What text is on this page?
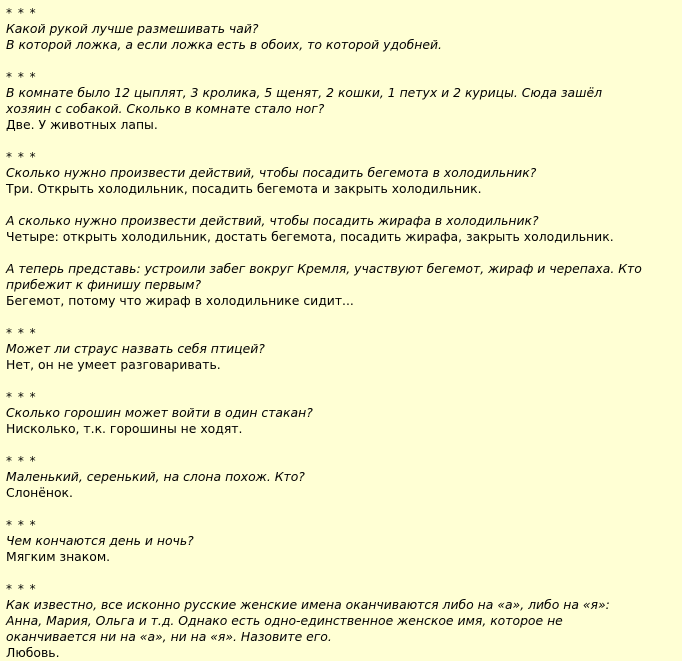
* * *
Какой рукой лучше размешивать чай?
В которой ложка, а если ложка есть в обоих, то которой удобней.
* * *
В комнате было 12 цыплят, 3 кролика, 5 щенят, 2 кошки, 1 петух и 2 курицы. Сюда зашёл
хозяин с собакой. Сколько в комнате стало ног?
Две. У животных лапы.
* * *
Сколько нужно произвести действий, чтобы посадить бегемота в холодильник?
Три. Открыть холодильник, посадить бегемота и закрыть холодильник.
А сколько нужно произвести действий, чтобы посадить жирафа в холодильник?
Четыре: открыть холодильник, достать бегемота, посадить жирафа, закрыть холодильник.
А теперь представь: устроили забег вокруг Кремля, участвуют бегемот, жираф и черепаха. Кто
прибежит к финишу первым?
Бегемот, потому что жираф в холодильнике сидит...
* * *
Может ли страус назвать себя птицей?
Нет, он не умеет разговаривать.
* * *
Сколько горошин может войти в один стакан?
Нисколько, т.к. горошины не ходят.
* * *
Маленький, серенький, на слона похож. Кто?
Слонёнок.
* * *
Чем кончаются день и ночь?
Мягким знаком.
* * *
Как известно, все исконно русские женские имена оканчиваются либо на «а», либо на «я»:
Анна, Мария, Ольга и т.д. Однако есть одно-единственное женское имя, которое не
оканчивается ни на «а», ни на «я». Назовите его.
Любовь.
